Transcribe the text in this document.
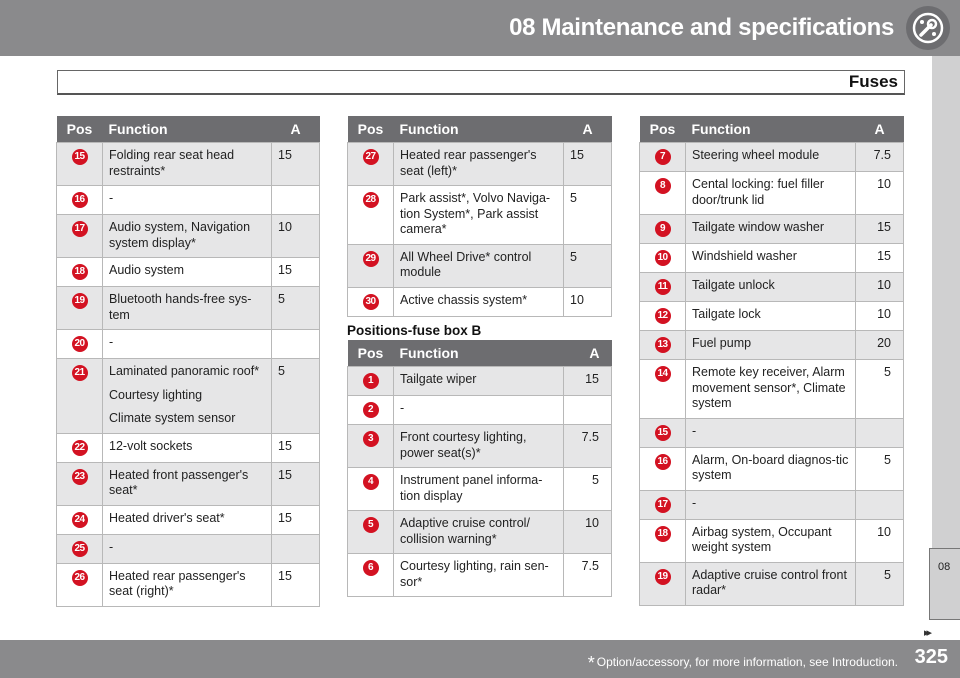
08 Maintenance and specifications
Fuses
08
▸▸
Pos	Function	A
15	Folding rear seat head restraints*	15
16	-	
17	Audio system, Navigation system display*	10
18	Audio system	15
19	Bluetooth hands-free sys-tem	5
20	-	
21	Laminated panoramic roof*
Courtesy lighting
Climate system sensor	5
22	12-volt sockets	15
23	Heated front passenger's seat*	15
24	Heated driver's seat*	15
25	-	
26	Heated rear passenger's seat (right)*	15
Pos	Function	A
27	Heated rear passenger's seat (left)*	15
28	Park assist*, Volvo Naviga-tion System*, Park assist camera*	5
29	All Wheel Drive* control module	5
30	Active chassis system*	10
Positions-fuse box B
Pos	Function	A
1	Tailgate wiper	15
2	-	
3	Front courtesy lighting, power seat(s)*	7.5
4	Instrument panel informa-tion display	5
5	Adaptive cruise control/ collision warning*	10
6	Courtesy lighting, rain sen-sor*	7.5
Pos	Function	A
7	Steering wheel module	7.5
8	Cental locking: fuel filler door/trunk lid	10
9	Tailgate window washer	15
10	Windshield washer	15
11	Tailgate unlock	10
12	Tailgate lock	10
13	Fuel pump	20
14	Remote key receiver, Alarm movement sensor*, Climate system	5
15	-	
16	Alarm, On-board diagnos-tic system	5
17	-	
18	Airbag system, Occupant weight system	10
19	Adaptive cruise control front radar*	5
* Option/accessory, for more information, see Introduction. 325
